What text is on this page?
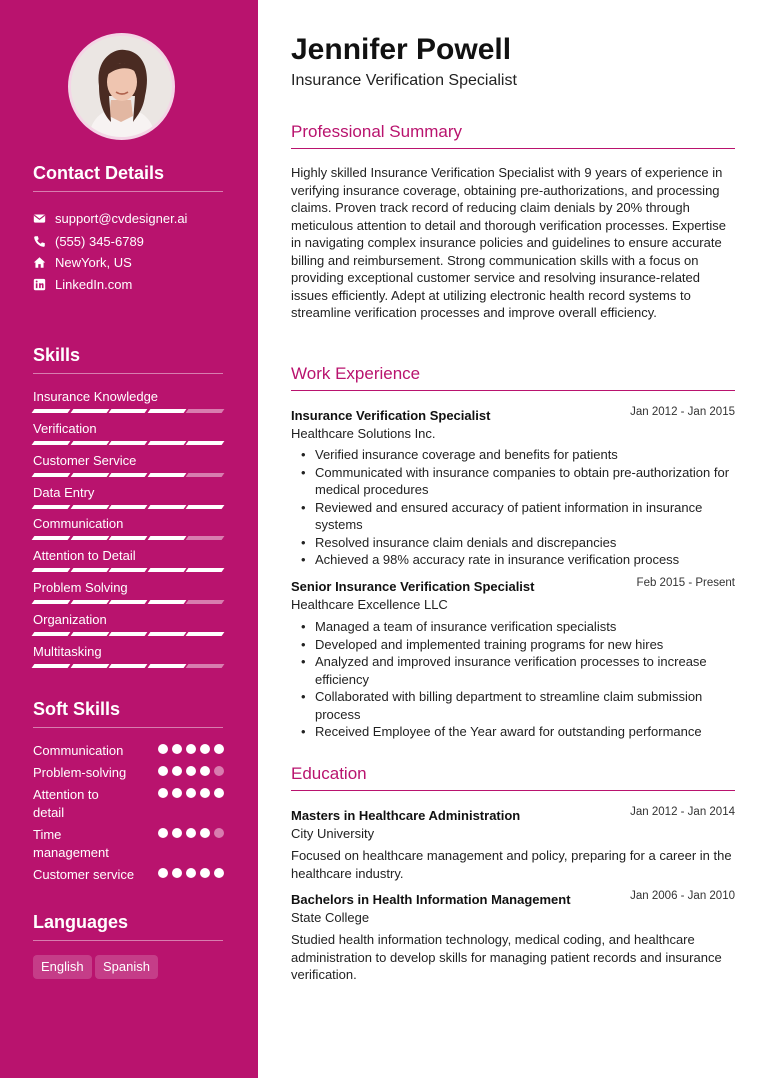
Contact Details
support@cvdesigner.ai
(555) 345-6789
NewYork, US
LinkedIn.com
Skills
Insurance Knowledge
Verification
Customer Service
Data Entry
Communication
Attention to Detail
Problem Solving
Organization
Multitasking
Soft Skills
Communication
Problem-solving
Attention to detail
Time management
Customer service
Languages
English	Spanish
Jennifer Powell
Insurance Verification Specialist
Professional Summary
Highly skilled Insurance Verification Specialist with 9 years of experience in verifying insurance coverage, obtaining pre-authorizations, and processing claims. Proven track record of reducing claim denials by 20% through meticulous attention to detail and thorough verification processes. Expertise in navigating complex insurance policies and guidelines to ensure accurate billing and reimbursement. Strong communication skills with a focus on providing exceptional customer service and resolving insurance-related issues efficiently. Adept at utilizing electronic health record systems to streamline verification processes and improve overall efficiency.
Work Experience
Insurance Verification Specialist	Jan 2012 - Jan 2015
Healthcare Solutions Inc.
• Verified insurance coverage and benefits for patients
• Communicated with insurance companies to obtain pre-authorization for medical procedures
• Reviewed and ensured accuracy of patient information in insurance systems
• Resolved insurance claim denials and discrepancies
• Achieved a 98% accuracy rate in insurance verification process
Senior Insurance Verification Specialist	Feb 2015 - Present
Healthcare Excellence LLC
• Managed a team of insurance verification specialists
• Developed and implemented training programs for new hires
• Analyzed and improved insurance verification processes to increase efficiency
• Collaborated with billing department to streamline claim submission process
• Received Employee of the Year award for outstanding performance
Education
Masters in Healthcare Administration	Jan 2012 - Jan 2014
City University
Focused on healthcare management and policy, preparing for a career in the healthcare industry.
Bachelors in Health Information Management	Jan 2006 - Jan 2010
State College
Studied health information technology, medical coding, and healthcare administration to develop skills for managing patient records and insurance verification.
